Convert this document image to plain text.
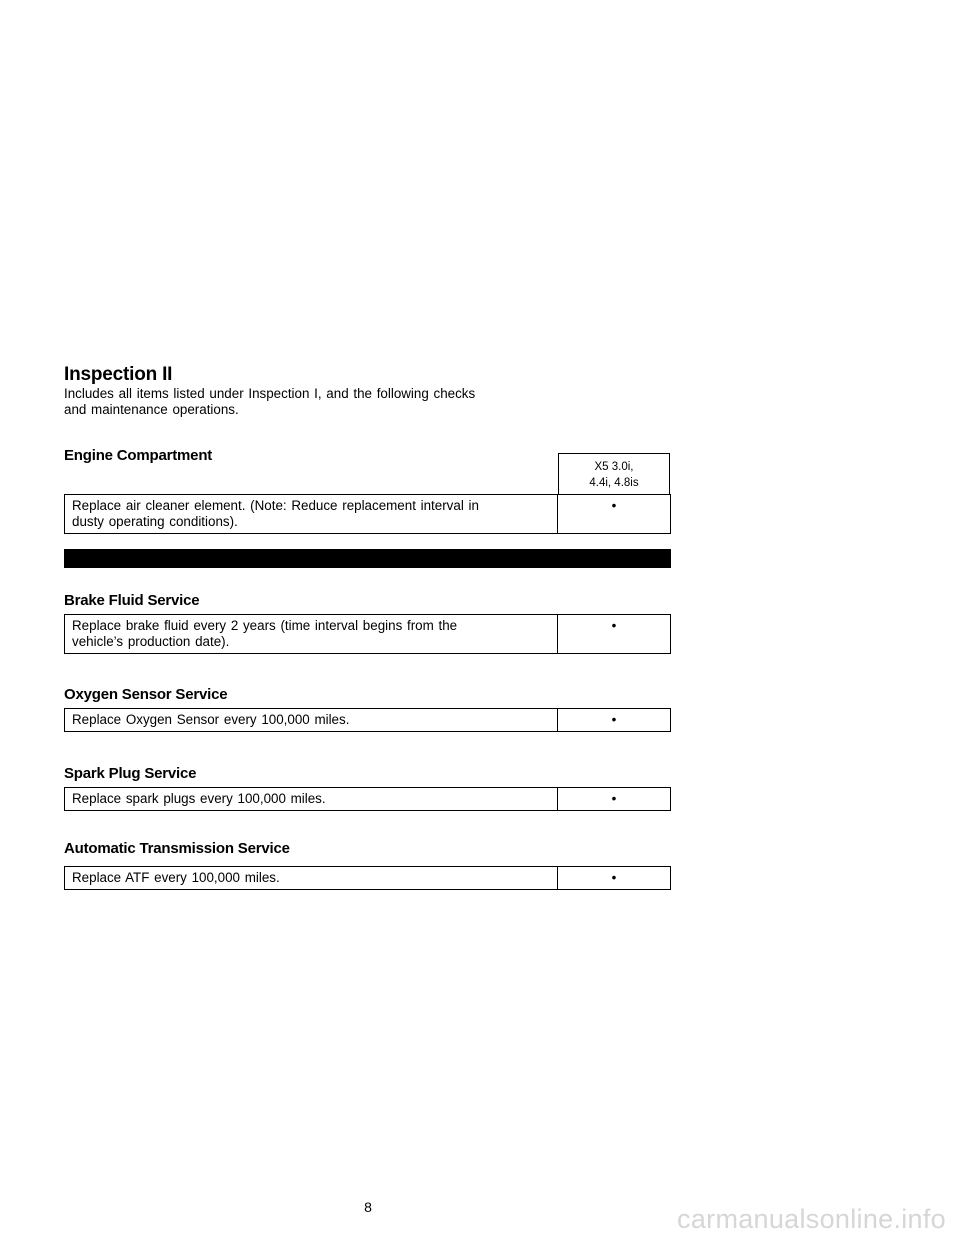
Inspection II
Includes all items listed under Inspection I, and the following checks
and maintenance operations.
Engine Compartment
X5 3.0i,
4.4i, 4.8is
Replace air cleaner element. (Note: Reduce replacement interval in
dusty operating conditions).
	•
Brake Fluid Service
Replace brake fluid every 2 years (time interval begins from the
vehicle’s production date).
	•
Oxygen Sensor Service
Replace Oxygen Sensor every 100,000 miles.	•
Spark Plug Service
Replace spark plugs every 100,000 miles.	•
Automatic Transmission Service
Replace ATF every 100,000 miles.	•
8	carmanualsonline.info
